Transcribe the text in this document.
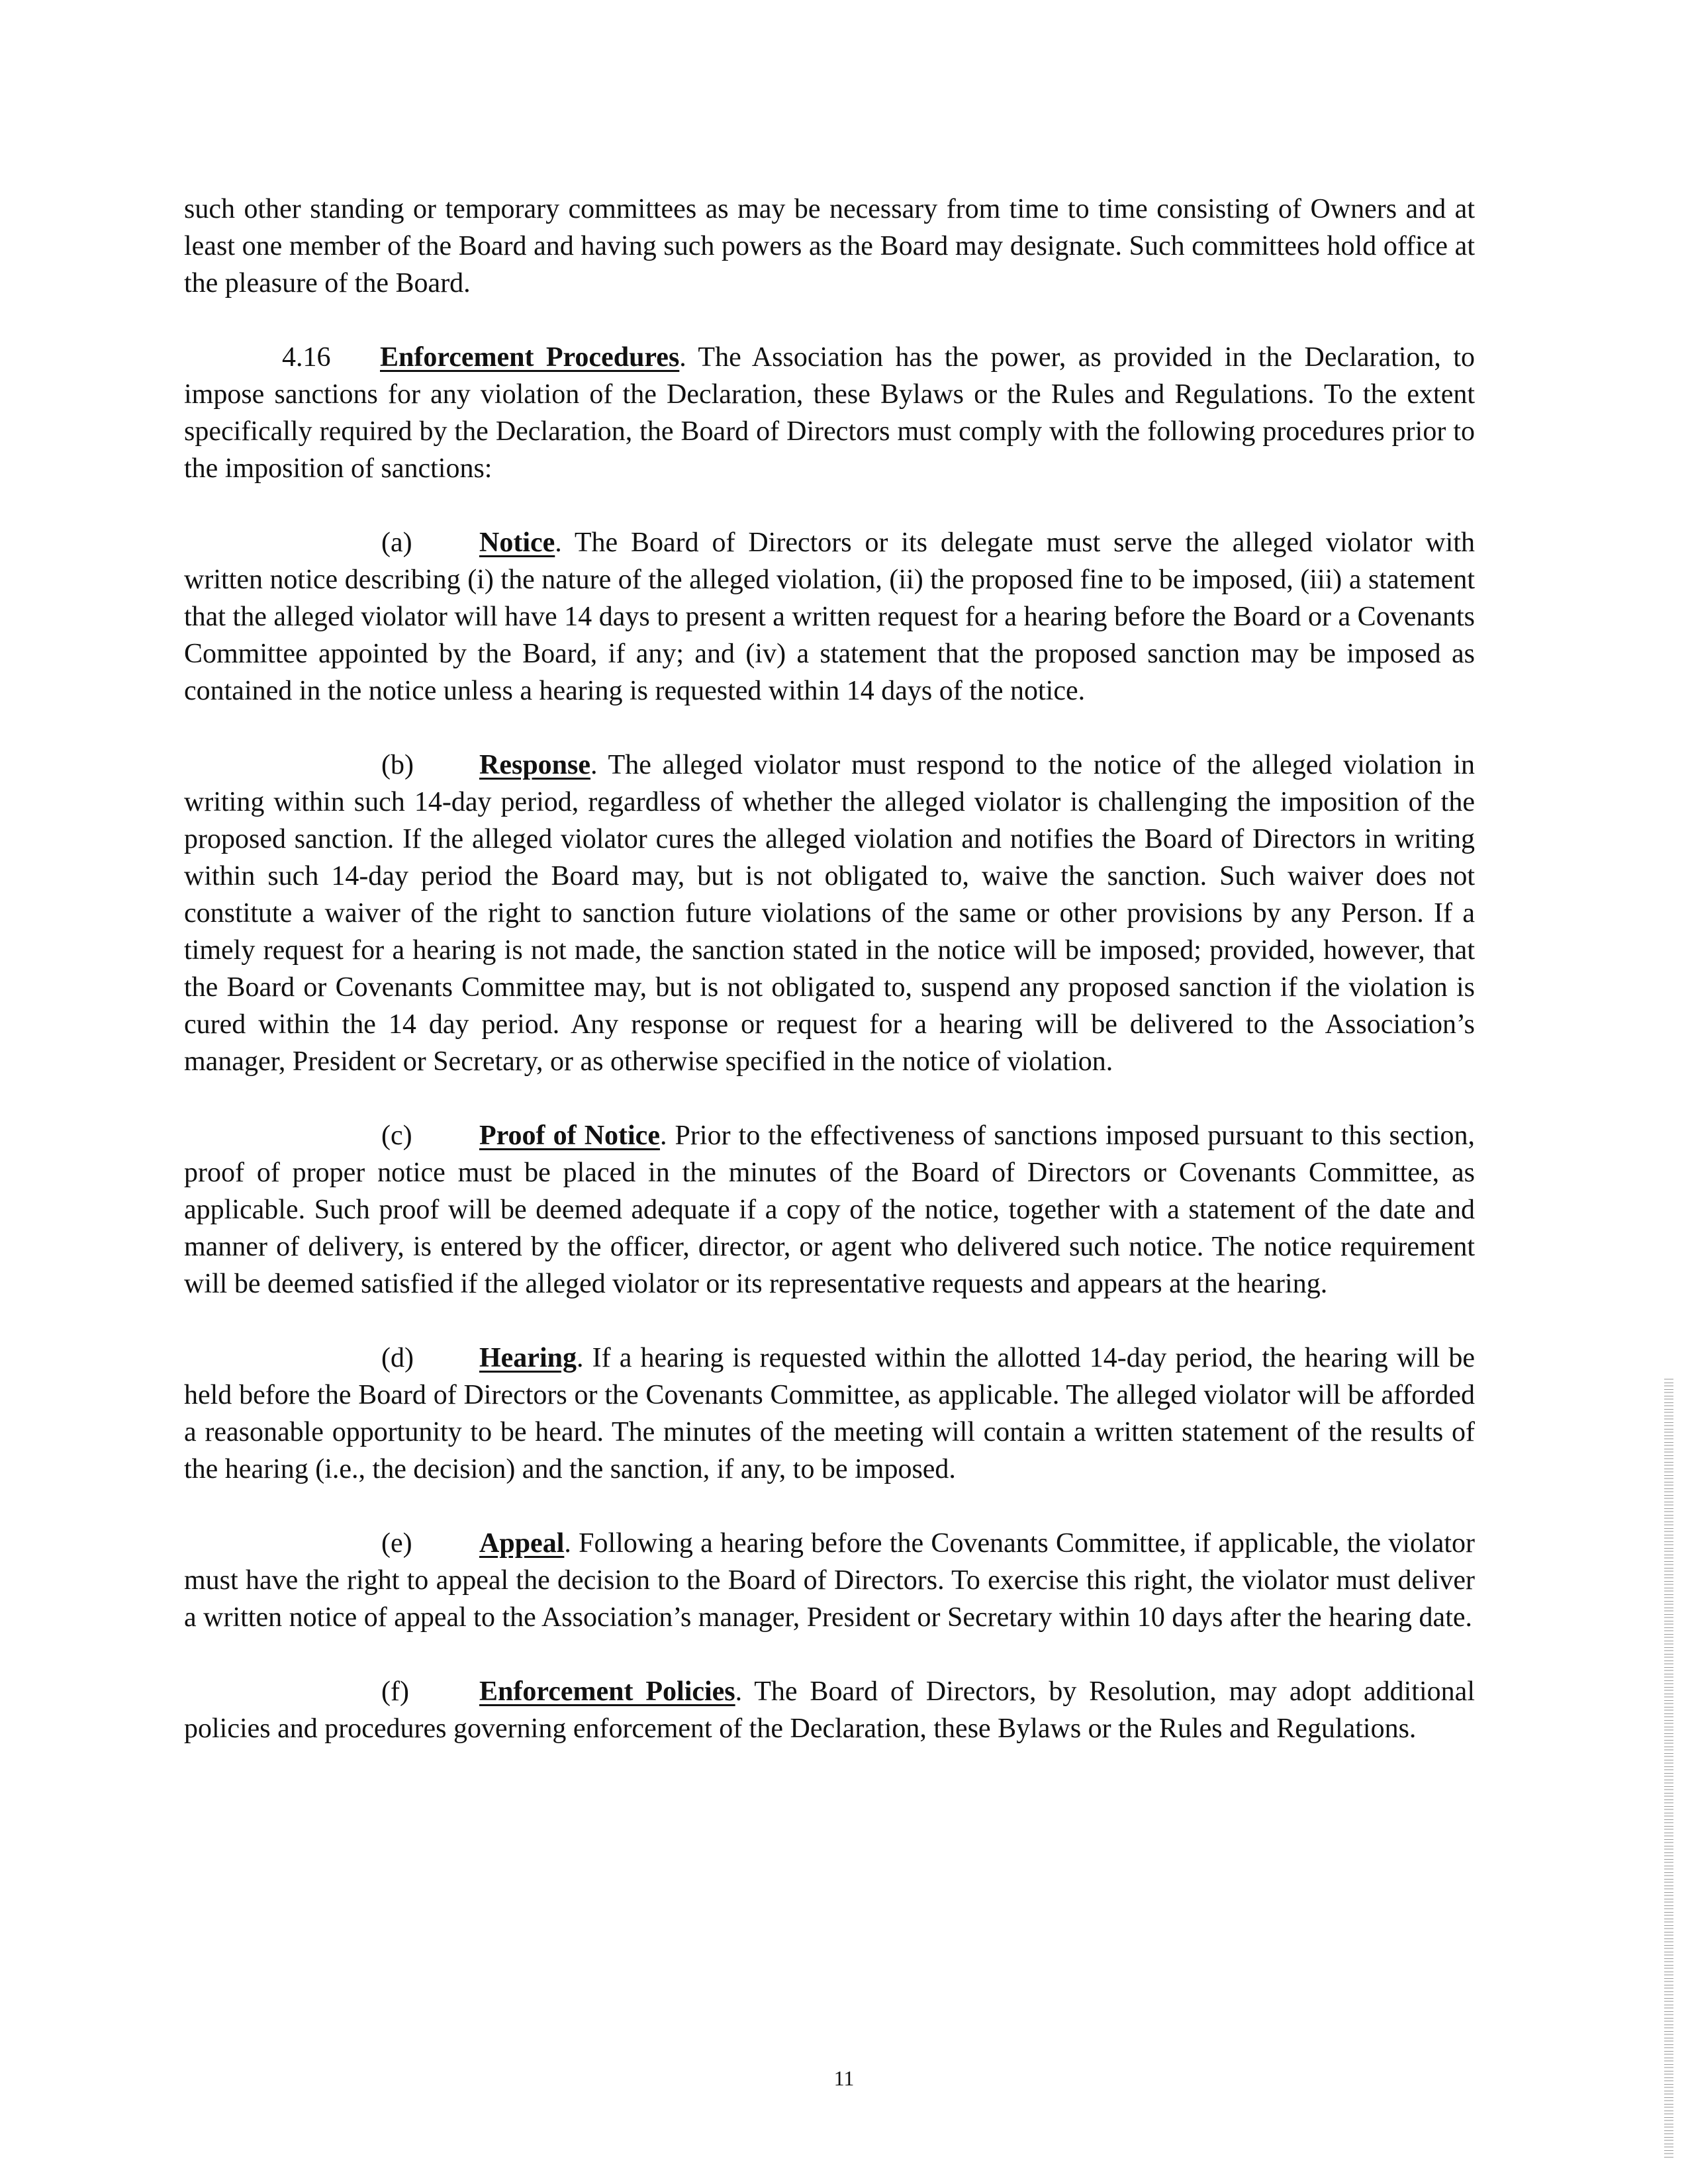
such other standing or temporary committees as may be necessary from time to time consisting of Owners and at least one member of the Board and having such powers as the Board may designate. Such committees hold office at the pleasure of the Board.

4.16 Enforcement Procedures. The Association has the power, as provided in the Declaration, to impose sanctions for any violation of the Declaration, these Bylaws or the Rules and Regulations. To the extent specifically required by the Declaration, the Board of Directors must comply with the following procedures prior to the imposition of sanctions:

(a) Notice. The Board of Directors or its delegate must serve the alleged violator with written notice describing (i) the nature of the alleged violation, (ii) the proposed fine to be imposed, (iii) a statement that the alleged violator will have 14 days to present a written request for a hearing before the Board or a Covenants Committee appointed by the Board, if any; and (iv) a statement that the proposed sanction may be imposed as contained in the notice unless a hearing is requested within 14 days of the notice.

(b) Response. The alleged violator must respond to the notice of the alleged violation in writing within such 14-day period, regardless of whether the alleged violator is challenging the imposition of the proposed sanction. If the alleged violator cures the alleged violation and notifies the Board of Directors in writing within such 14-day period the Board may, but is not obligated to, waive the sanction. Such waiver does not constitute a waiver of the right to sanction future violations of the same or other provisions by any Person. If a timely request for a hearing is not made, the sanction stated in the notice will be imposed; provided, however, that the Board or Covenants Committee may, but is not obligated to, suspend any proposed sanction if the violation is cured within the 14 day period. Any response or request for a hearing will be delivered to the Association’s manager, President or Secretary, or as otherwise specified in the notice of violation.

(c) Proof of Notice. Prior to the effectiveness of sanctions imposed pursuant to this section, proof of proper notice must be placed in the minutes of the Board of Directors or Covenants Committee, as applicable. Such proof will be deemed adequate if a copy of the notice, together with a statement of the date and manner of delivery, is entered by the officer, director, or agent who delivered such notice. The notice requirement will be deemed satisfied if the alleged violator or its representative requests and appears at the hearing.

(d) Hearing. If a hearing is requested within the allotted 14-day period, the hearing will be held before the Board of Directors or the Covenants Committee, as applicable. The alleged violator will be afforded a reasonable opportunity to be heard. The minutes of the meeting will contain a written statement of the results of the hearing (i.e., the decision) and the sanction, if any, to be imposed.

(e) Appeal. Following a hearing before the Covenants Committee, if applicable, the violator must have the right to appeal the decision to the Board of Directors. To exercise this right, the violator must deliver a written notice of appeal to the Association’s manager, President or Secretary within 10 days after the hearing date.

(f)	Enforcement Policies. The Board of Directors, by Resolution, may adopt additional policies and procedures governing enforcement of the Declaration, these Bylaws or the Rules and Regulations.

11
